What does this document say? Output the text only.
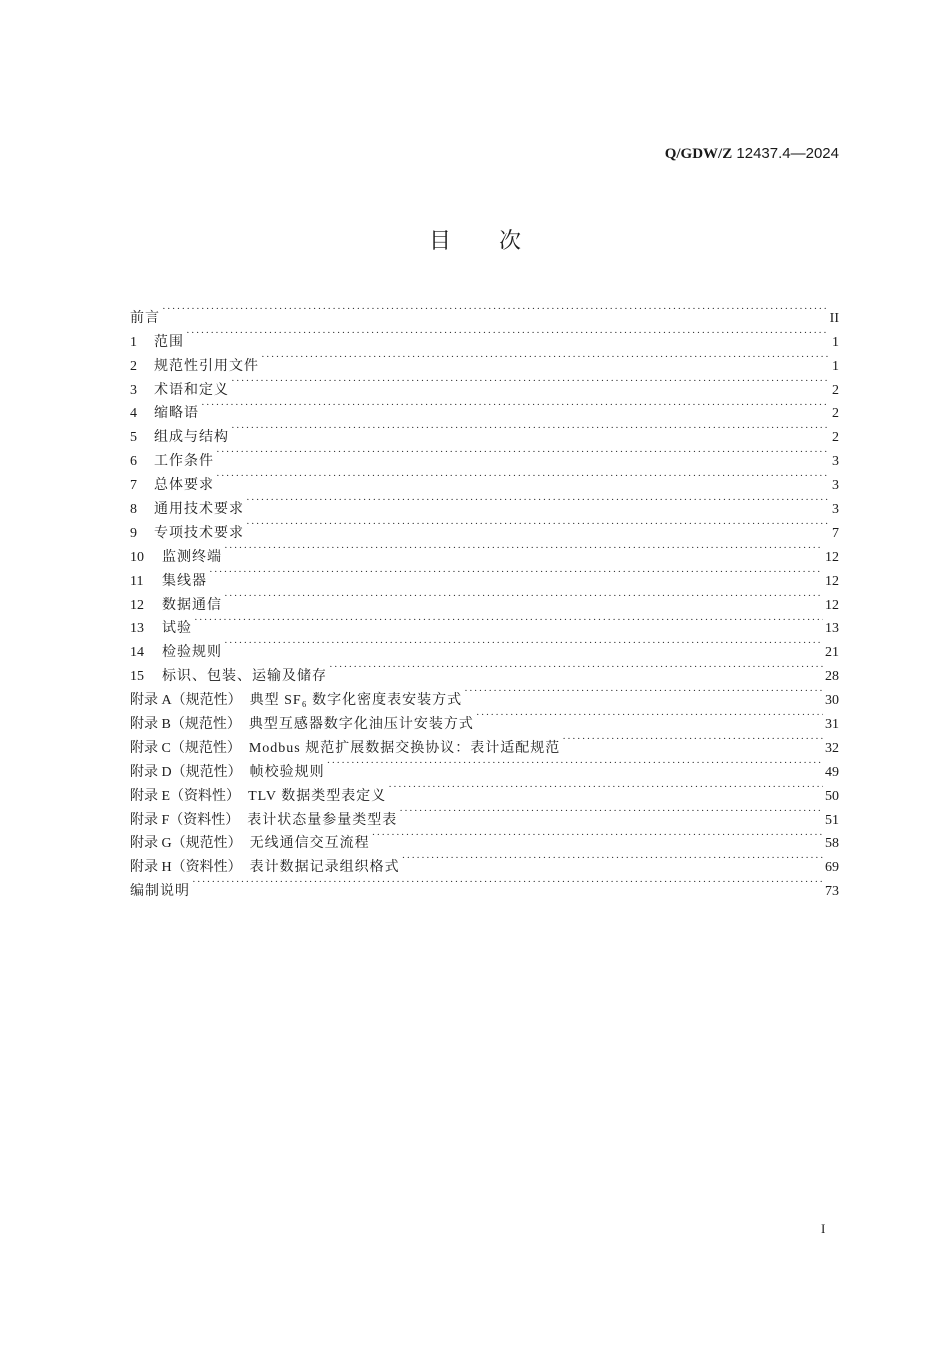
Q/GDW/Z 12437.4—2024
目次
前言 ·····	II
1 范围 ·····	1
2 规范性引用文件 ·····	1
3 术语和定义 ·····	2
4 缩略语 ·····	2
5 组成与结构 ·····	2
6 工作条件 ·····	3
7 总体要求 ·····	3
8 通用技术要求 ·····	3
9 专项技术要求 ·····	7
10 监测终端 ·····	12
11 集线器 ·····	12
12 数据通信 ·····	12
13 试验 ·····	13
14 检验规则 ·····	21
15 标识、包装、运输及储存 ·····	28
附录 A（规范性） 典型 SF₆ 数字化密度表安装方式 ·····	30
附录 B（规范性） 典型互感器数字化油压计安装方式 ·····	31
附录 C（规范性） Modbus 规范扩展数据交换协议：表计适配规范 ·····	32
附录 D（规范性） 帧校验规则 ·····	49
附录 E（资料性） TLV 数据类型表定义 ·····	50
附录 F（资料性） 表计状态量参量类型表 ·····	51
附录 G（规范性） 无线通信交互流程 ·····	58
附录 H（资料性） 表计数据记录组织格式 ·····	69
编制说明 ·····	73
I
